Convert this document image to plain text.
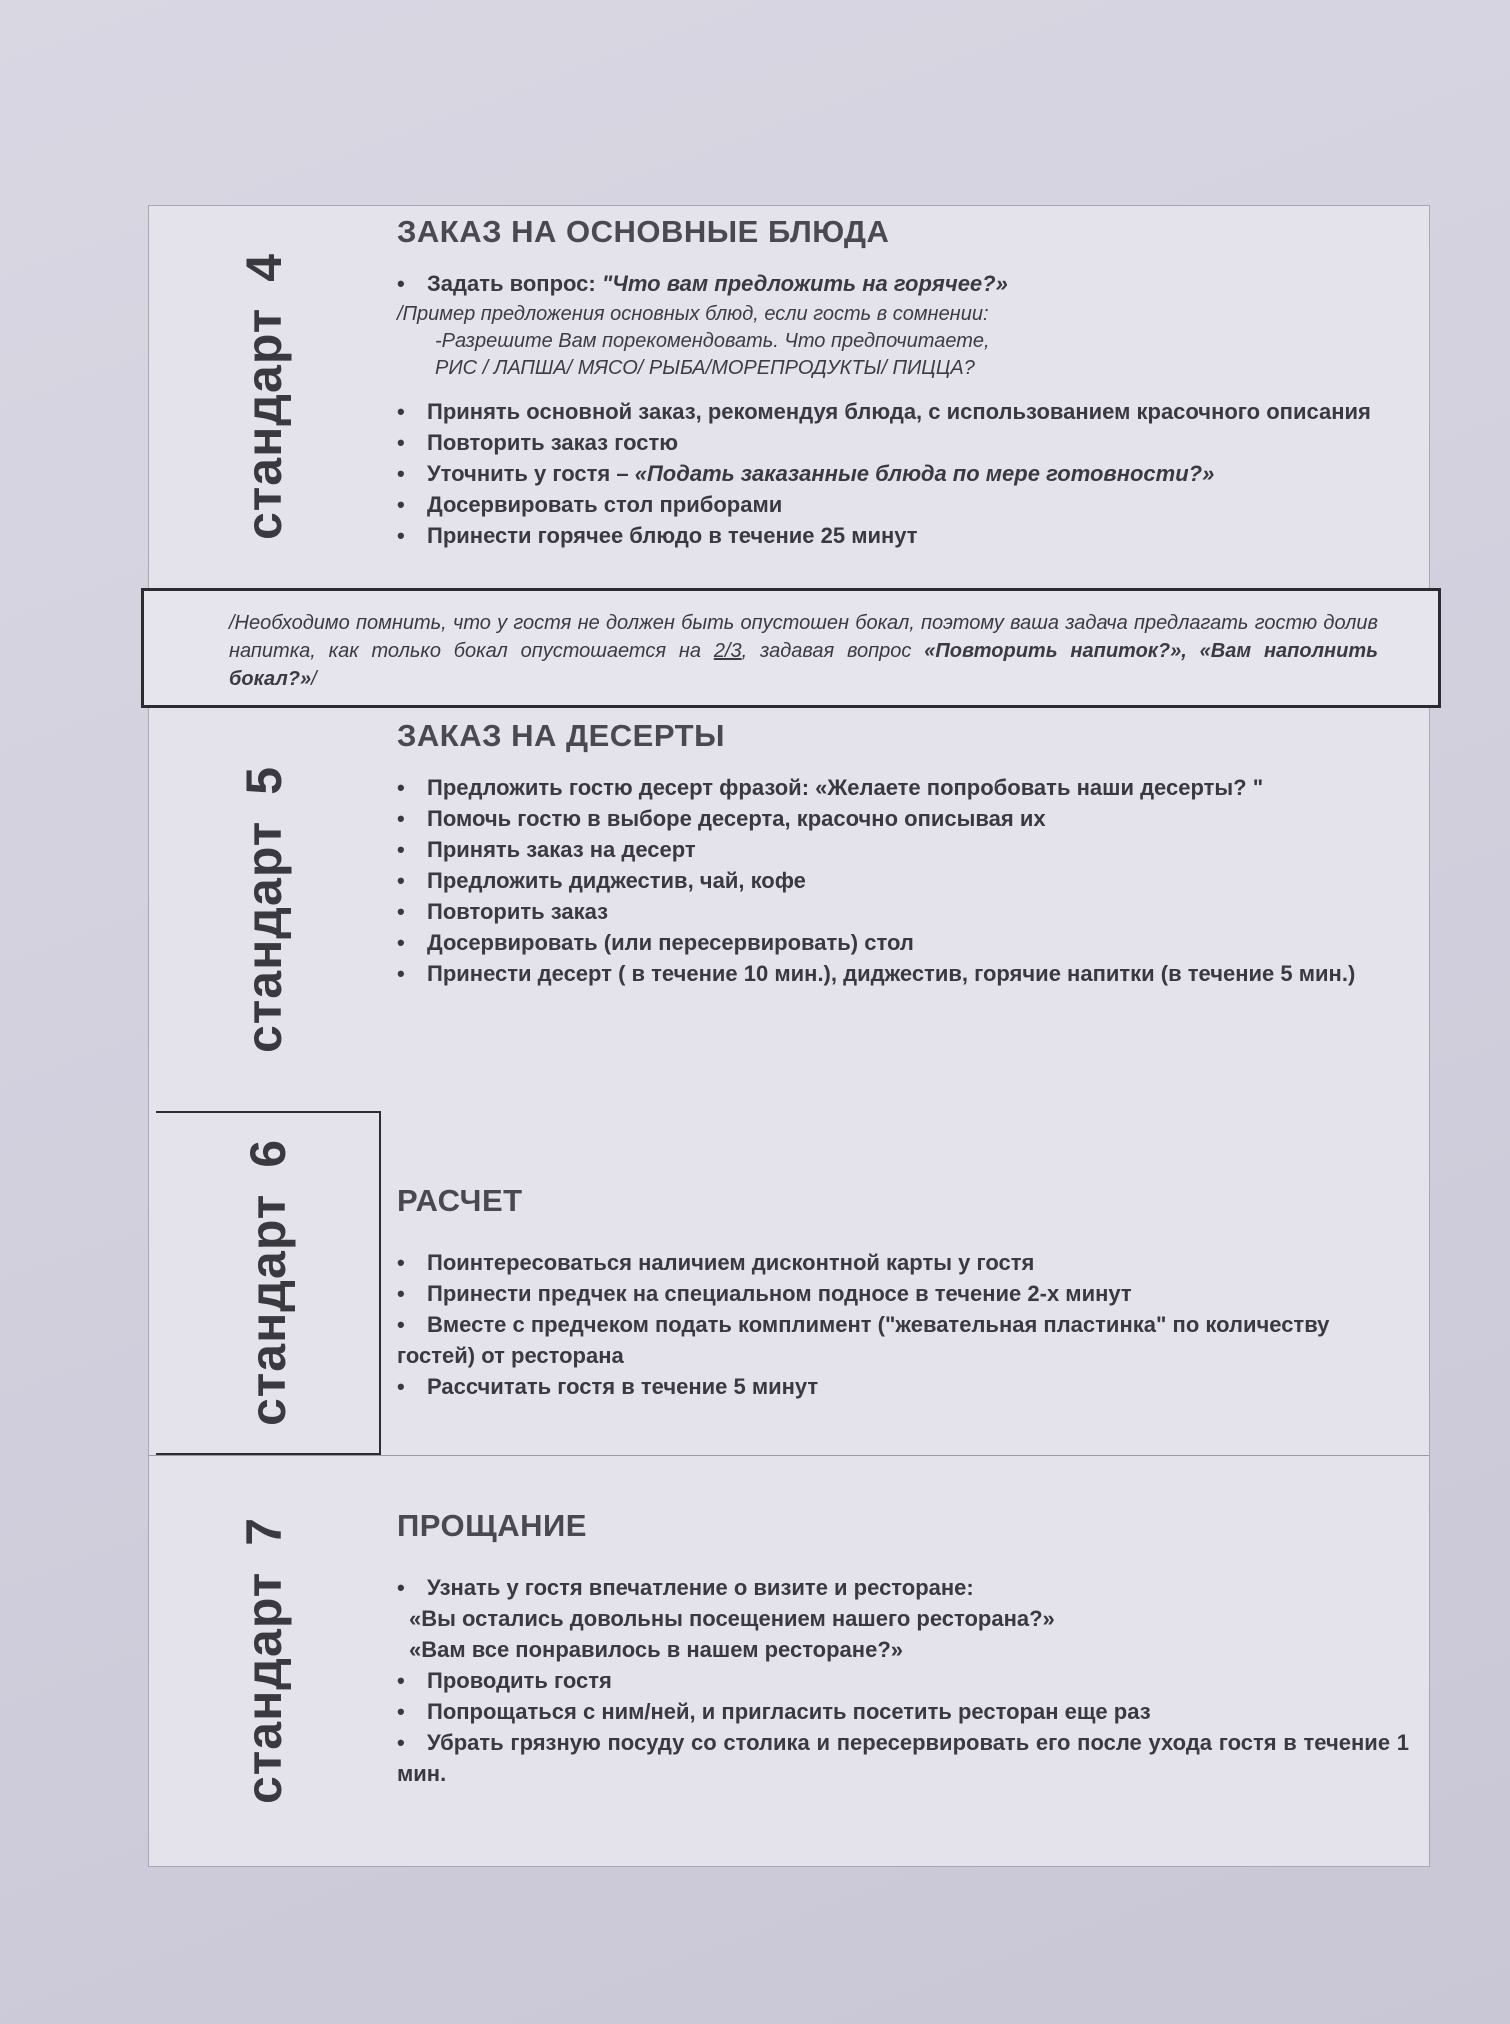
стандарт
4
ЗАКАЗ НА ОСНОВНЫЕ БЛЮДА
• Задать вопрос: "Что вам предложить на горячее?»
/Пример предложения основных блюд, если гость в сомнении:
-Разрешите Вам порекомендовать. Что предпочитаете,
РИС / ЛАПША/ МЯСО/ РЫБА/МОРЕПРОДУКТЫ/ ПИЦЦА?
• Принять основной заказ, рекомендуя блюда, с использованием красочного описания
• Повторить заказ гостю
• Уточнить у гостя – «Подать заказанные блюда по мере готовности?»
• Досервировать стол приборами
• Принести горячее блюдо в течение 25 минут

/Необходимо помнить, что у гостя не должен быть опустошен бокал, поэтому ваша задача предлагать гостю долив напитка, как только бокал опустошается на 2/3, задавая вопрос «Повторить напиток?», «Вам наполнить бокал?»/

стандарт
5
ЗАКАЗ НА ДЕСЕРТЫ
• Предложить гостю десерт фразой: «Желаете попробовать наши десерты? "
• Помочь гостю в выборе десерта, красочно описывая их
• Принять заказ на десерт
• Предложить диджестив, чай, кофе
• Повторить заказ
• Досервировать (или пересервировать) стол
• Принести десерт ( в течение 10 мин.), диджестив, горячие напитки (в течение 5 мин.)
стандарт
6
РАСЧЕТ
• Поинтересоваться наличием дисконтной карты у гостя
• Принести предчек на специальном подносе в течение 2-х минут
• Вместе с предчеком подать комплимент ("жевательная пластинка" по количеству гостей) от ресторана
• Рассчитать гостя в течение 5 минут
стандарт
7	ПРОЩАНИЕ
• Узнать у гостя впечатление о визите и ресторане:
«Вы остались довольны посещением нашего ресторана?»
«Вам все понравилось в нашем ресторане?»
• Проводить гостя
• Попрощаться с ним/ней, и пригласить посетить ресторан еще раз
• Убрать грязную посуду со столика и пересервировать его после ухода гостя в течение 1 мин.
